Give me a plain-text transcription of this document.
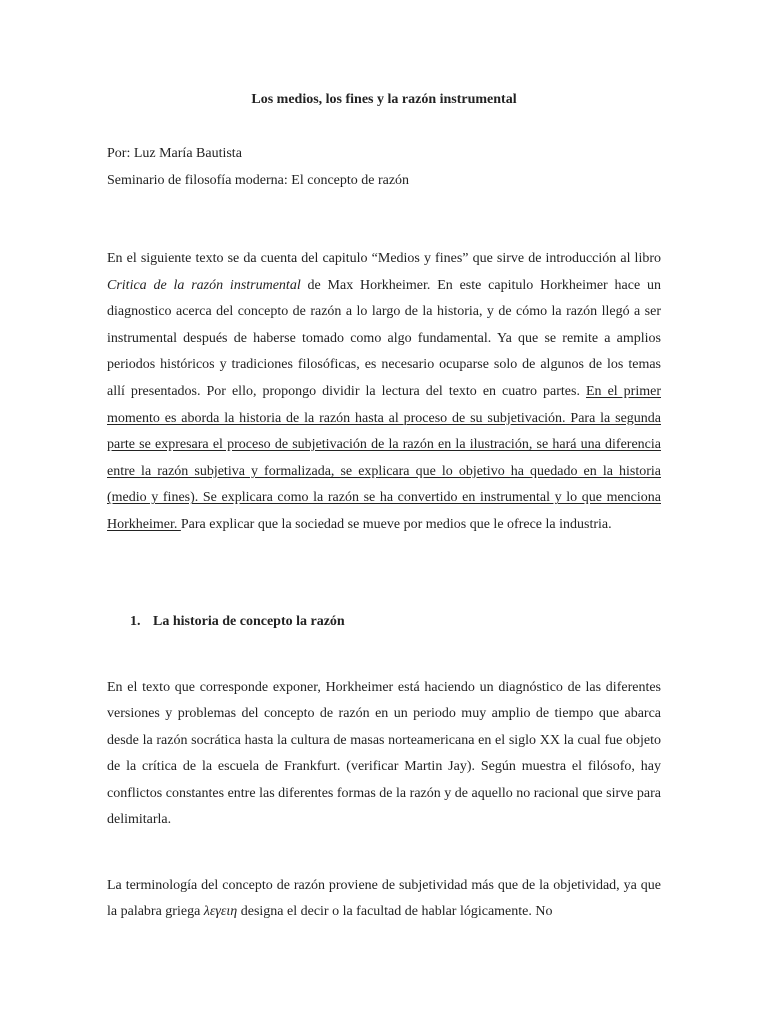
Los medios, los fines y la razón instrumental
Por: Luz María Bautista
Seminario de filosofía moderna: El concepto de razón
En el siguiente texto se da cuenta del capitulo “Medios y fines” que sirve de introducción al libro Critica de la razón instrumental de Max Horkheimer. En este capitulo Horkheimer hace un diagnostico acerca del concepto de razón a lo largo de la historia, y de cómo la razón llegó a ser instrumental después de haberse tomado como algo fundamental. Ya que se remite a amplios periodos históricos y tradiciones filosóficas, es necesario ocuparse solo de algunos de los temas allí presentados. Por ello, propongo dividir la lectura del texto en cuatro partes. En el primer momento es aborda la historia de la razón hasta al proceso de su subjetivación. Para la segunda parte se expresara el proceso de subjetivación de la razón en la ilustración, se hará una diferencia entre la razón subjetiva y formalizada, se explicara que lo objetivo ha quedado en la historia (medio y fines). Se explicara como la razón se ha convertido en instrumental y lo que menciona Horkheimer. Para explicar que la sociedad se mueve por medios que le ofrece la industria.
1. La historia de concepto la razón
En el texto que corresponde exponer, Horkheimer está haciendo un diagnóstico de las diferentes versiones y problemas del concepto de razón en un periodo muy amplio de tiempo que abarca desde la razón socrática hasta la cultura de masas norteamericana en el siglo XX la cual fue objeto de la crítica de la escuela de Frankfurt. (verificar Martin Jay). Según muestra el filósofo, hay conflictos constantes entre las diferentes formas de la razón y de aquello no racional que sirve para delimitarla.
La terminología del concepto de razón proviene de subjetividad más que de la objetividad, ya que la palabra griega λεγειη designa el decir o la facultad de hablar lógicamente. No
